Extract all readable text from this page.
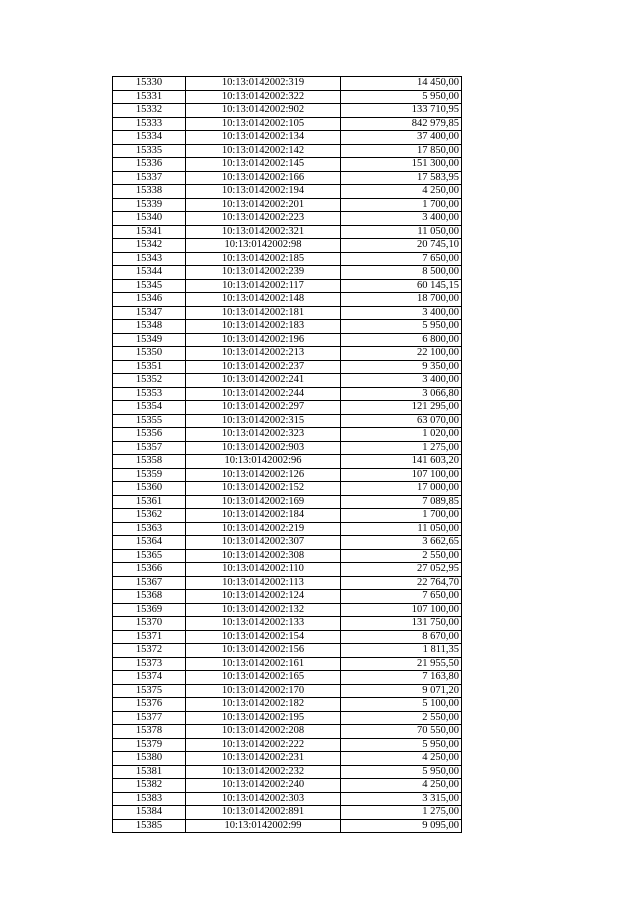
15330	10:13:0142002:319	14 450,00
15331	10:13:0142002:322	5 950,00
15332	10:13:0142002:902	133 710,95
15333	10:13:0142002:105	842 979,85
15334	10:13:0142002:134	37 400,00
15335	10:13:0142002:142	17 850,00
15336	10:13:0142002:145	151 300,00
15337	10:13:0142002:166	17 583,95
15338	10:13:0142002:194	4 250,00
15339	10:13:0142002:201	1 700,00
15340	10:13:0142002:223	3 400,00
15341	10:13:0142002:321	11 050,00
15342	10:13:0142002:98	20 745,10
15343	10:13:0142002:185	7 650,00
15344	10:13:0142002:239	8 500,00
15345	10:13:0142002:117	60 145,15
15346	10:13:0142002:148	18 700,00
15347	10:13:0142002:181	3 400,00
15348	10:13:0142002:183	5 950,00
15349	10:13:0142002:196	6 800,00
15350	10:13:0142002:213	22 100,00
15351	10:13:0142002:237	9 350,00
15352	10:13:0142002:241	3 400,00
15353	10:13:0142002:244	3 066,80
15354	10:13:0142002:297	121 295,00
15355	10:13:0142002:315	63 070,00
15356	10:13:0142002:323	1 020,00
15357	10:13:0142002:903	1 275,00
15358	10:13:0142002:96	141 603,20
15359	10:13:0142002:126	107 100,00
15360	10:13:0142002:152	17 000,00
15361	10:13:0142002:169	7 089,85
15362	10:13:0142002:184	1 700,00
15363	10:13:0142002:219	11 050,00
15364	10:13:0142002:307	3 662,65
15365	10:13:0142002:308	2 550,00
15366	10:13:0142002:110	27 052,95
15367	10:13:0142002:113	22 764,70
15368	10:13:0142002:124	7 650,00
15369	10:13:0142002:132	107 100,00
15370	10:13:0142002:133	131 750,00
15371	10:13:0142002:154	8 670,00
15372	10:13:0142002:156	1 811,35
15373	10:13:0142002:161	21 955,50
15374	10:13:0142002:165	7 163,80
15375	10:13:0142002:170	9 071,20
15376	10:13:0142002:182	5 100,00
15377	10:13:0142002:195	2 550,00
15378	10:13:0142002:208	70 550,00
15379	10:13:0142002:222	5 950,00
15380	10:13:0142002:231	4 250,00
15381	10:13:0142002:232	5 950,00
15382	10:13:0142002:240	4 250,00
15383	10:13:0142002:303	3 315,00
15384	10:13:0142002:891	1 275,00
15385	10:13:0142002:99	9 095,00
